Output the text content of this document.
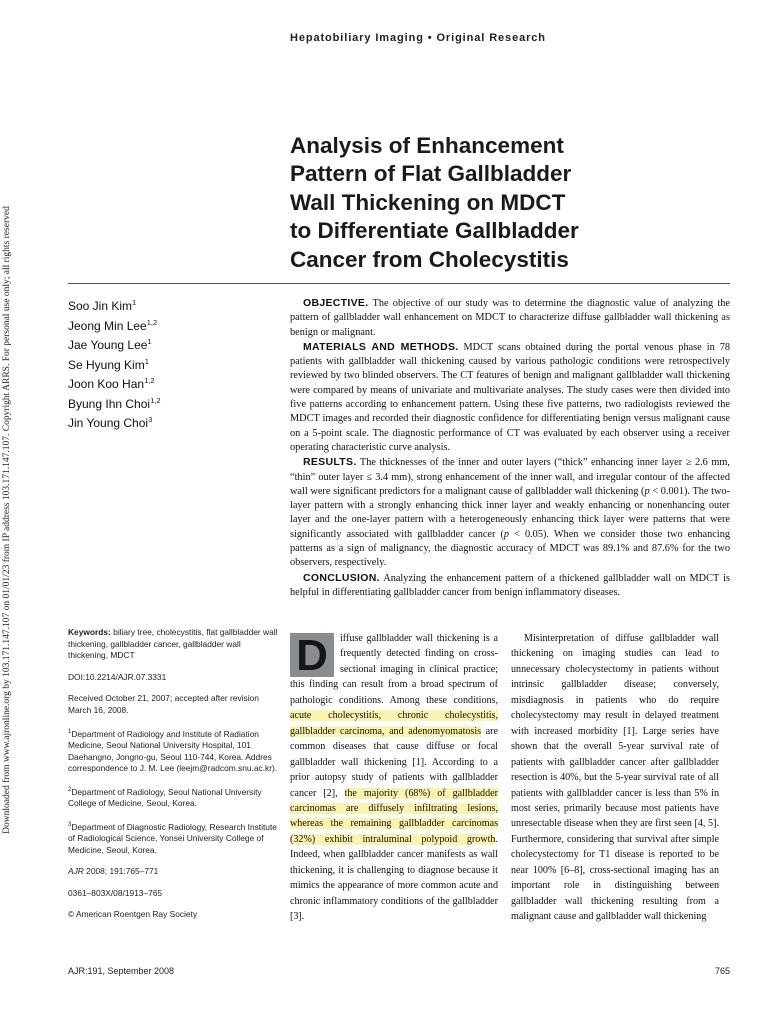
Downloaded from www.ajronline.org by 103.171.147.107 on 01/01/23 from IP address 103.171.147.107. Copyright ARRS. For personal use only; all rights reserved
Hepatobiliary Imaging • Original Research
Analysis of Enhancement
Pattern of Flat Gallbladder
Wall Thickening on MDCT
to Differentiate Gallbladder
Cancer from Cholecystitis
Soo Jin Kim$^1$
Jeong Min Lee$^{1,2}$
Jae Young Lee$^1$
Se Hyung Kim$^1$
Joon Koo Han$^{1,2}$
Byung Ihn Choi$^{1,2}$
Jin Young Choi$^3$

OBJECTIVE. The objective of our study was to determine the diagnostic value of analyzing the pattern of gallbladder wall enhancement on MDCT to characterize diffuse gallbladder wall thickening as benign or malignant.

MATERIALS AND METHODS. MDCT scans obtained during the portal venous phase in 78 patients with gallbladder wall thickening caused by various pathologic conditions were retrospectively reviewed by two blinded observers. The CT features of benign and malignant gallbladder wall thickening were compared by means of univariate and multivariate analyses. The study cases were then divided into five patterns according to enhancement pattern. Using these five patterns, two radiologists reviewed the MDCT images and recorded their diagnostic confidence for differentiating benign versus malignant cause on a 5-point scale. The diagnostic performance of CT was evaluated by each observer using a receiver operating characteristic curve analysis.

RESULTS. The thicknesses of the inner and outer layers (“thick” enhancing inner layer ≥ 2.6 mm, “thin” outer layer ≤ 3.4 mm), strong enhancement of the inner wall, and irregular contour of the affected wall were significant predictors for a malignant cause of gallbladder wall thickening (p < 0.001). The two-layer pattern with a strongly enhancing thick inner layer and weakly enhancing or nonenhancing outer layer and the one-layer pattern with a heterogeneously enhancing thick layer were patterns that were significantly associated with gallbladder cancer (p < 0.05). When we consider those two enhancing patterns as a sign of malignancy, the diagnostic accuracy of MDCT was 89.1% and 87.6% for the two observers, respectively.

CONCLUSION. Analyzing the enhancement pattern of a thickened gallbladder wall on MDCT is helpful in differentiating gallbladder cancer from benign inflammatory diseases.

Keywords: biliary tree, cholecystitis, flat gallbladder wall thickening, gallbladder cancer, gallbladder wall thickening, MDCT

DOI:10.2214/AJR.07.3331

Received October 21, 2007; accepted after revision March 16, 2008.

$^1$Department of Radiology and Institute of Radiation Medicine, Seoul National University Hospital, 101 Daehangno, Jongno-gu, Seoul 110-744, Korea. Addres correspondence to J. M. Lee (leejm@radcom.snu.ac.kr).

$^2$Department of Radiology, Seoul National University College of Medicine, Seoul, Korea.

$^3$Department of Diagnostic Radiology, Research Institute of Radiological Science, Yonsei University College of Medicine, Seoul, Korea.

AJR 2008; 191:765–771

0361–803X/08/1913–765

© American Roentgen Ray Society

D	iffuse gallbladder wall thickening is a frequently detected finding on cross-sectional imaging in clinical practice; this finding can result from a broad spectrum of pathologic conditions. Among these conditions, acute cholecystitis, chronic cholecystitis, gallbladder carcinoma, and adenomyomatosis are common diseases that cause diffuse or focal gallbladder wall thickening [1]. According to a prior autopsy study of patients with gallbladder cancer [2], the majority (68%) of gallbladder carcinomas are diffusely infiltrating lesions, whereas the remaining gallbladder carcinomas (32%) exhibit intraluminal polypoid growth. Indeed, when gallbladder cancer manifests as wall thickening, it is challenging to diagnose because it mimics the appearance of more common acute and chronic inflammatory conditions of the gallbladder [3].

Misinterpretation of diffuse gallbladder wall thickening on imaging studies can lead to unnecessary cholecystectomy in patients without intrinsic gallbladder disease; conversely, misdiagnosis in patients who do require cholecystectomy may result in delayed treatment with increased morbidity [1]. Large series have shown that the overall 5-year survival rate of patients with gallbladder cancer after gallbladder resection is 40%, but the 5-year survival rate of all patients with gallbladder cancer is less than 5% in most series, primarily because most patients have unresectable disease when they are first seen [4, 5]. Furthermore, considering that survival after simple cholecystectomy for T1 disease is reported to be near 100% [6–8], cross-sectional imaging has an important role in distinguishing between gallbladder wall thickening resulting from a malignant cause and gallbladder wall thickening

AJR:191, September 2008	765
